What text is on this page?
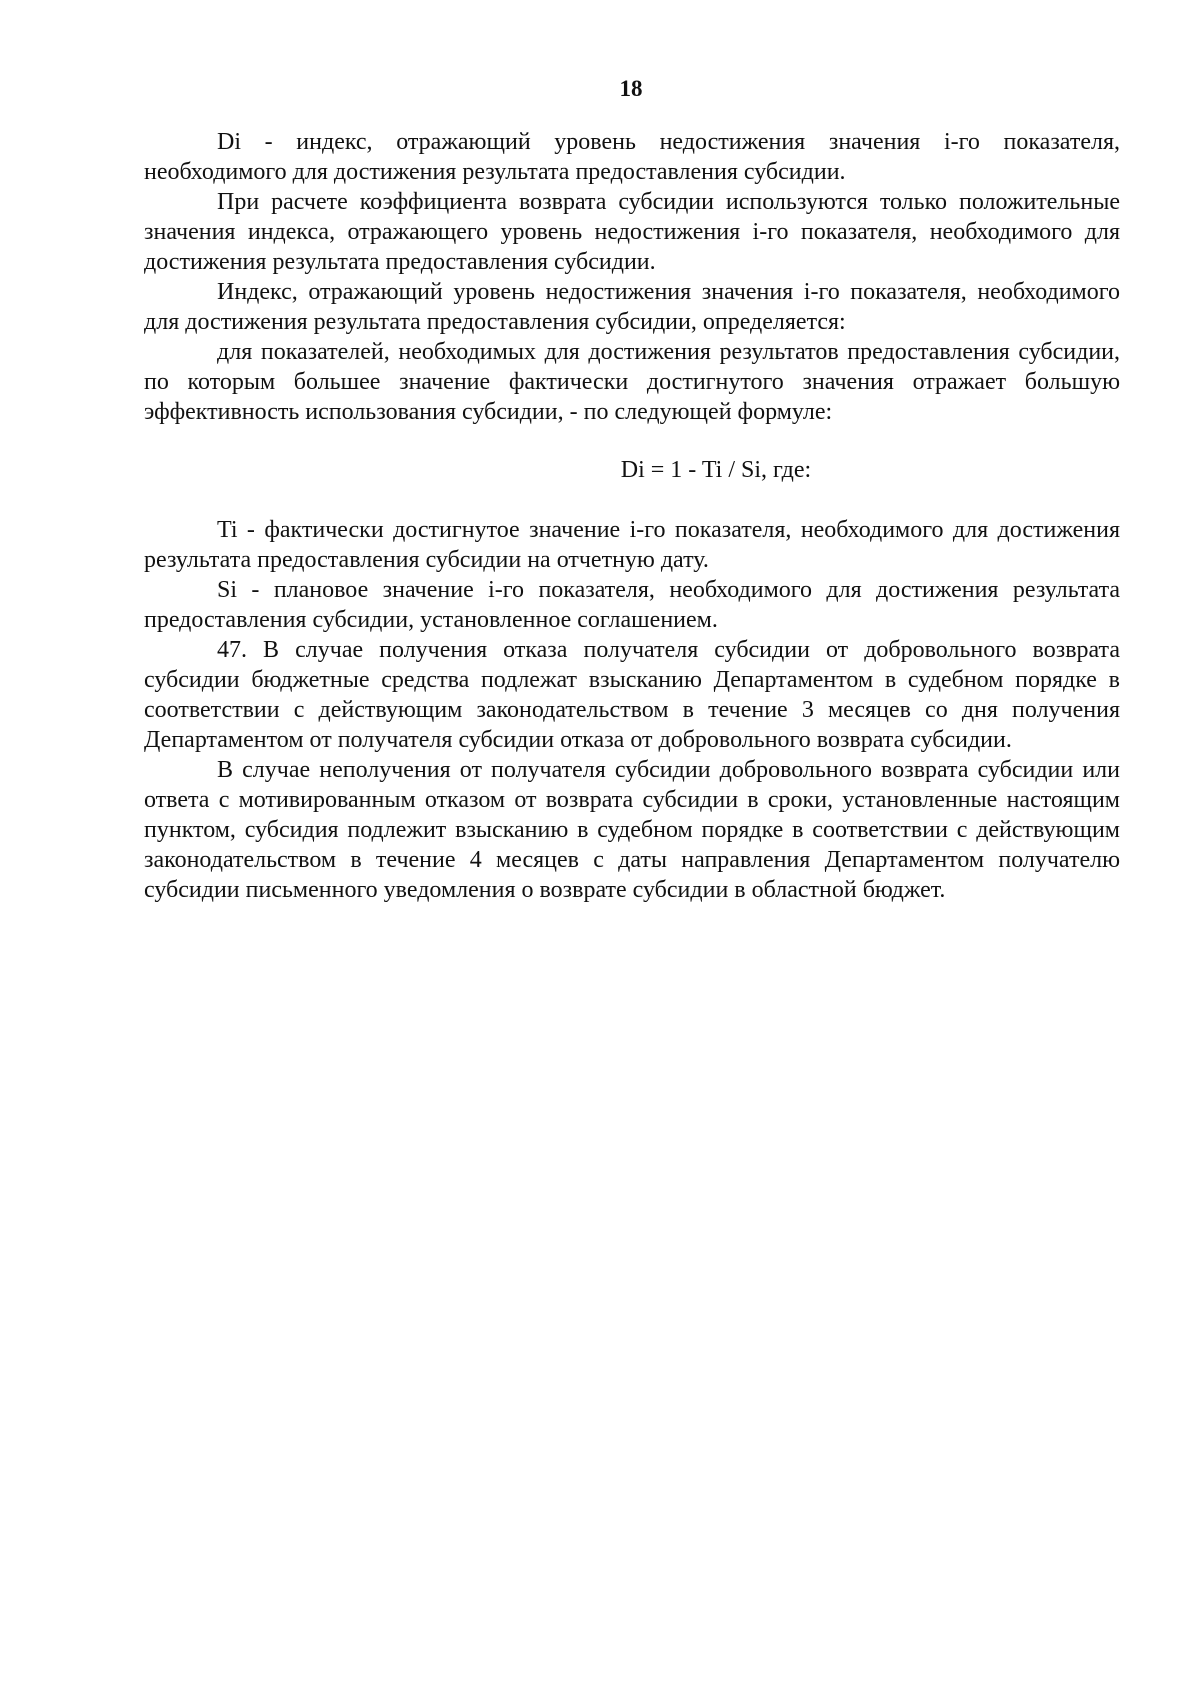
18

Di - индекс, отражающий уровень недостижения значения i-го показателя, необходимого для достижения результата предоставления субсидии.

При расчете коэффициента возврата субсидии используются только положительные значения индекса, отражающего уровень недостижения i-го показателя, необходимого для достижения результата предоставления субсидии.

Индекс, отражающий уровень недостижения значения i-го показателя, необходимого для достижения результата предоставления субсидии, определяется:

для показателей, необходимых для достижения результатов предоставления субсидии, по которым большее значение фактически достигнутого значения отражает большую эффективность использования субсидии, - по следующей формуле:

Di = 1 - Ti / Si, где:

Ti - фактически достигнутое значение i-го показателя, необходимого для достижения результата предоставления субсидии на отчетную дату.

Si - плановое значение i-го показателя, необходимого для достижения результата предоставления субсидии, установленное соглашением.

47. В случае получения отказа получателя субсидии от добровольного возврата субсидии бюджетные средства подлежат взысканию Департаментом в судебном порядке в соответствии с действующим законодательством в течение 3 месяцев со дня получения Департаментом от получателя субсидии отказа от добровольного возврата субсидии.

В случае неполучения от получателя субсидии добровольного возврата субсидии или ответа с мотивированным отказом от возврата субсидии в сроки, установленные настоящим пунктом, субсидия подлежит взысканию в судебном порядке в соответствии с действующим законодательством в течение 4 месяцев с даты направления Департаментом получателю субсидии письменного уведомления о возврате субсидии в областной бюджет.
